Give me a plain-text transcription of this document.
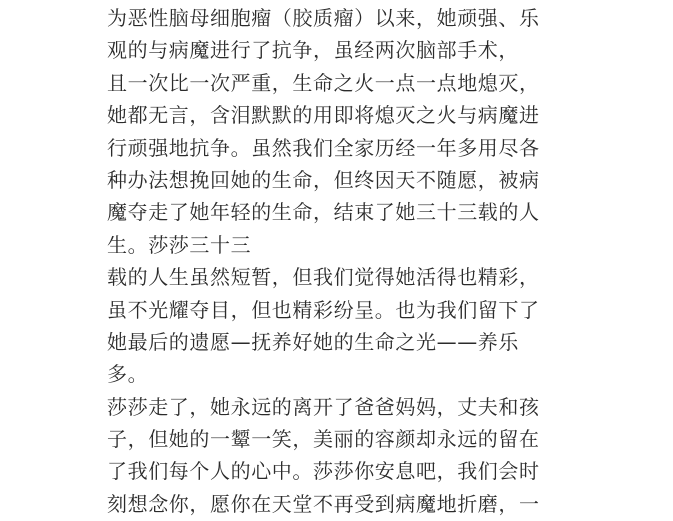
为恶性脑母细胞瘤（胶质瘤）以来，她顽强、乐
观的与病魔进行了抗争，虽经两次脑部手术，
且一次比一次严重，生命之火一点一点地熄灭，
她都无言，含泪默默的用即将熄灭之火与病魔进
行顽强地抗争。虽然我们全家历经一年多用尽各
种办法想挽回她的生命，但终因天不随愿，被病
魔夺走了她年轻的生命，结束了她三十三载的人
生。莎莎三十三
载的人生虽然短暂，但我们觉得她活得也精彩，
虽不光耀夺目，但也精彩纷呈。也为我们留下了
她最后的遗愿—抚养好她的生命之光——养乐
多。
莎莎走了，她永远的离开了爸爸妈妈，丈夫和孩
子，但她的一颦一笑，美丽的容颜却永远的留在
了我们每个人的心中。莎莎你安息吧，我们会时
刻想念你，愿你在天堂不再受到病魔地折磨，一
